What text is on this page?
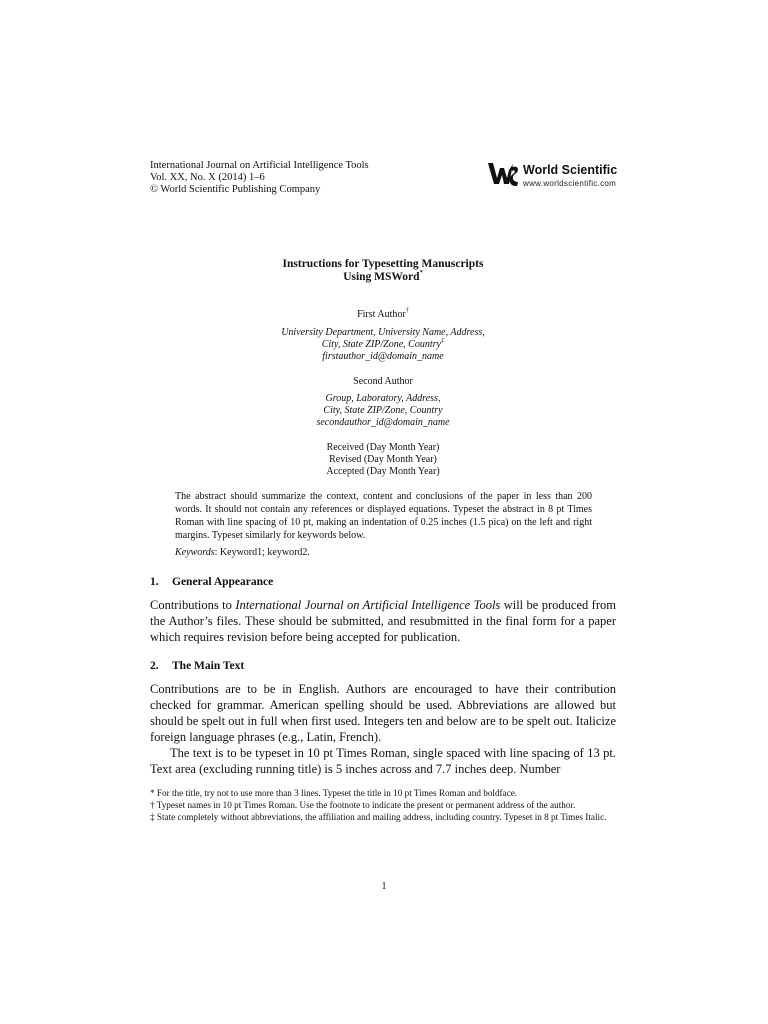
International Journal on Artificial Intelligence Tools
Vol. XX, No. X (2014) 1–6
© World Scientific Publishing Company
World Scientific
www.worldscientific.com
Instructions for Typesetting Manuscripts
Using MSWord*
First Author†
University Department, University Name, Address,
City, State ZIP/Zone, Country‡
firstauthor_id@domain_name
Second Author
Group, Laboratory, Address,
City, State ZIP/Zone, Country
secondauthor_id@domain_name
Received (Day Month Year)
Revised (Day Month Year)
Accepted (Day Month Year)
The abstract should summarize the context, content and conclusions of the paper in less than 200 words. It should not contain any references or displayed equations. Typeset the abstract in 8 pt Times Roman with line spacing of 10 pt, making an indentation of 0.25 inches (1.5 pica) on the left and right margins. Typeset similarly for keywords below.
Keywords: Keyword1; keyword2.
1. General Appearance
Contributions to International Journal on Artificial Intelligence Tools will be produced from the Author’s files. These should be submitted, and resubmitted in the final form for a paper which requires revision before being accepted for publication.
2. The Main Text
Contributions are to be in English. Authors are encouraged to have their contribution checked for grammar. American spelling should be used. Abbreviations are allowed but should be spelt out in full when first used. Integers ten and below are to be spelt out. Italicize foreign language phrases (e.g., Latin, French).
The text is to be typeset in 10 pt Times Roman, single spaced with line spacing of 13 pt. Text area (excluding running title) is 5 inches across and 7.7 inches deep. Number

* For the title, try not to use more than 3 lines. Typeset the title in 10 pt Times Roman and boldface.

† Typeset names in 10 pt Times Roman. Use the footnote to indicate the present or permanent address of the author.

‡ State completely without abbreviations, the affiliation and mailing address, including country. Typeset in 8 pt Times Italic.

1
